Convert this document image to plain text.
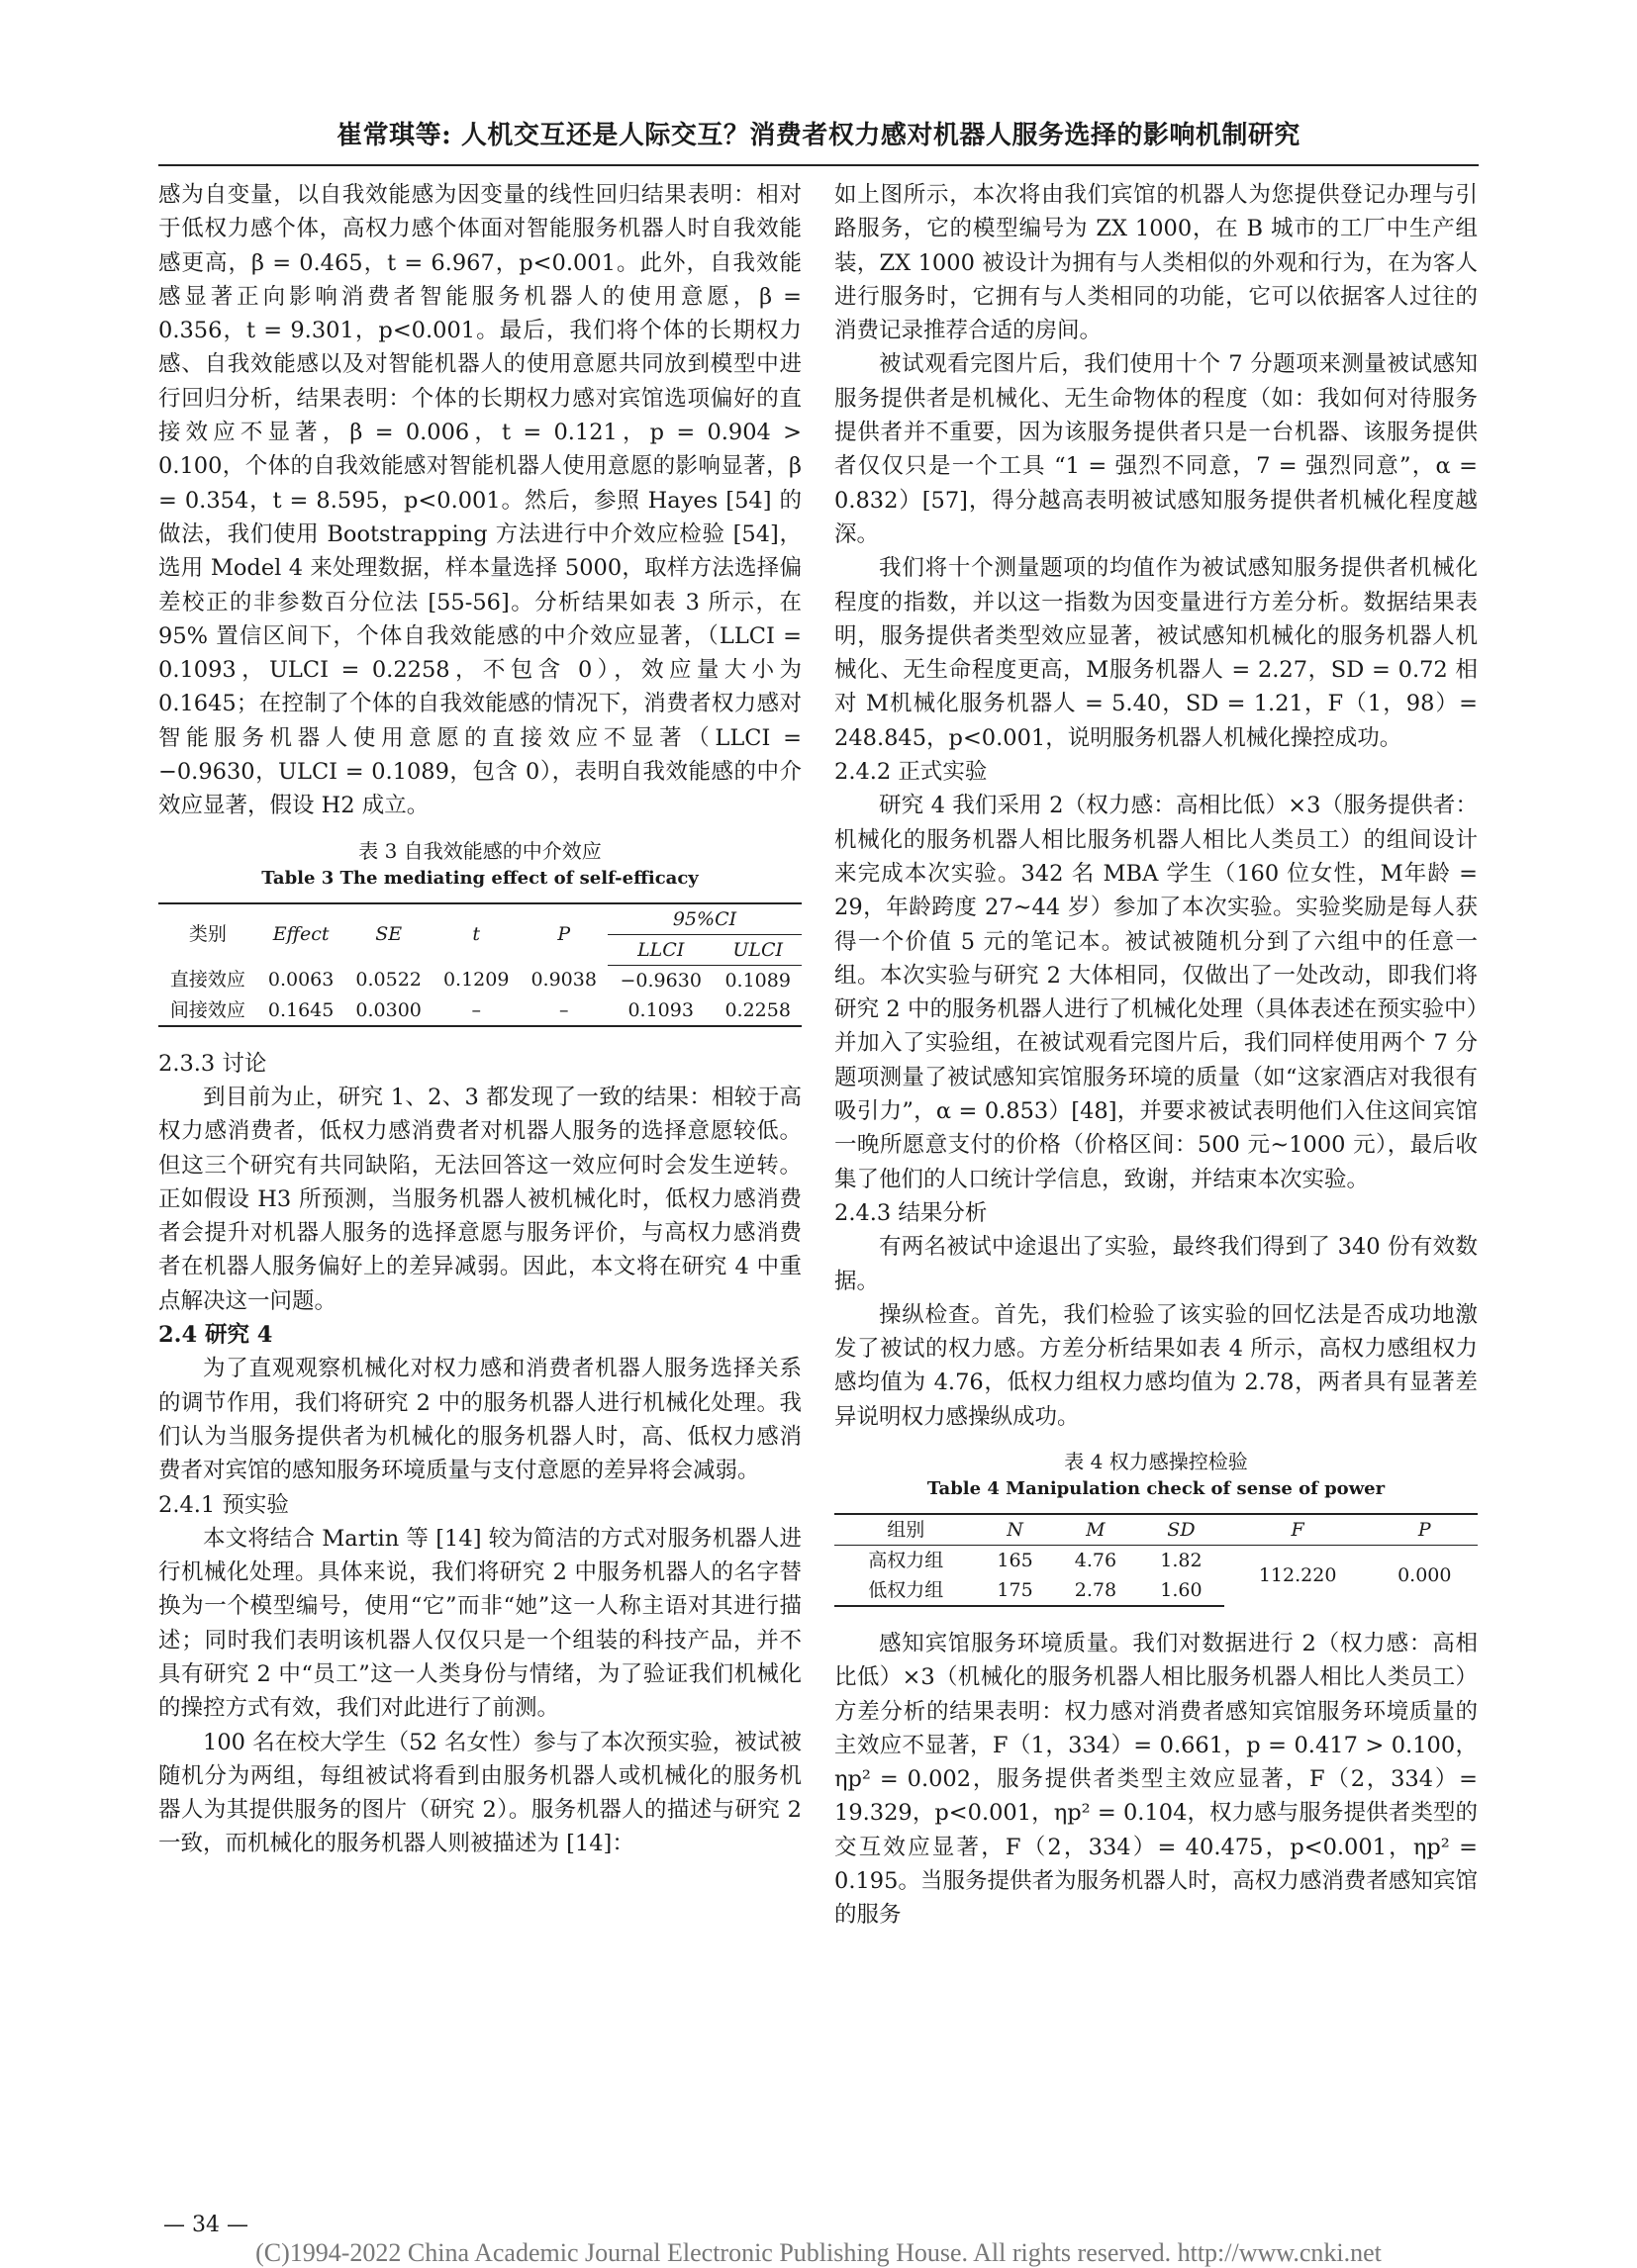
崔常琪等: 人机交互还是人际交互？消费者权力感对机器人服务选择的影响机制研究

感为自变量，以自我效能感为因变量的线性回归结果表明：相对于低权力感个体，高权力感个体面对智能服务机器人时自我效能感更高，β = 0.465，t = 6.967，p<0.001。此外，自我效能感显著正向影响消费者智能服务机器人的使用意愿，β = 0.356，t = 9.301，p<0.001。最后，我们将个体的长期权力感、自我效能感以及对智能机器人的使用意愿共同放到模型中进行回归分析，结果表明：个体的长期权力感对宾馆选项偏好的直接效应不显著，β = 0.006，t = 0.121，p = 0.904 > 0.100，个体的自我效能感对智能机器人使用意愿的影响显著，β = 0.354，t = 8.595，p<0.001。然后，参照 Hayes [54] 的做法，我们使用 Bootstrapping 方法进行中介效应检验 [54]，选用 Model 4 来处理数据，样本量选择 5000，取样方法选择偏差校正的非参数百分位法 [55-56]。分析结果如表 3 所示，在 95% 置信区间下，个体自我效能感的中介效应显著，（LLCI = 0.1093，ULCI = 0.2258，不包含 0），效应量大小为 0.1645；在控制了个体的自我效能感的情况下，消费者权力感对智能服务机器人使用意愿的直接效应不显著（LLCI = −0.9630，ULCI = 0.1089，包含 0），表明自我效能感的中介效应显著，假设 H2 成立。

表 3 自我效能感的中介效应
Table 3 The mediating effect of self-efficacy
类别	Effect	SE	t	P	95%CI	
					LLCI	ULCI
直接效应	0.0063	0.0522	0.1209	0.9038	−0.9630	0.1089
间接效应	0.1645	0.0300	–	–	0.1093	0.2258

2.3.3 讨论

到目前为止，研究 1、2、3 都发现了一致的结果：相较于高权力感消费者，低权力感消费者对机器人服务的选择意愿较低。但这三个研究有共同缺陷，无法回答这一效应何时会发生逆转。正如假设 H3 所预测，当服务机器人被机械化时，低权力感消费者会提升对机器人服务的选择意愿与服务评价，与高权力感消费者在机器人服务偏好上的差异减弱。因此，本文将在研究 4 中重点解决这一问题。

2.4 研究 4

为了直观观察机械化对权力感和消费者机器人服务选择关系的调节作用，我们将研究 2 中的服务机器人进行机械化处理。我们认为当服务提供者为机械化的服务机器人时，高、低权力感消费者对宾馆的感知服务环境质量与支付意愿的差异将会减弱。

2.4.1 预实验

本文将结合 Martin 等 [14] 较为简洁的方式对服务机器人进行机械化处理。具体来说，我们将研究 2 中服务机器人的名字替换为一个模型编号，使用“它”而非“她”这一人称主语对其进行描述；同时我们表明该机器人仅仅只是一个组装的科技产品，并不具有研究 2 中“员工”这一人类身份与情绪，为了验证我们机械化的操控方式有效，我们对此进行了前测。

100 名在校大学生（52 名女性）参与了本次预实验，被试被随机分为两组，每组被试将看到由服务机器人或机械化的服务机器人为其提供服务的图片（研究 2）。服务机器人的描述与研究 2 一致，而机械化的服务机器人则被描述为 [14]：

如上图所示，本次将由我们宾馆的机器人为您提供登记办理与引路服务，它的模型编号为 ZX 1000，在 B 城市的工厂中生产组装，ZX 1000 被设计为拥有与人类相似的外观和行为，在为客人进行服务时，它拥有与人类相同的功能，它可以依据客人过往的消费记录推荐合适的房间。

被试观看完图片后，我们使用十个 7 分题项来测量被试感知服务提供者是机械化、无生命物体的程度（如：我如何对待服务提供者并不重要，因为该服务提供者只是一台机器、该服务提供者仅仅只是一个工具 “1 = 强烈不同意，7 = 强烈同意”，α = 0.832）[57]，得分越高表明被试感知服务提供者机械化程度越深。

我们将十个测量题项的均值作为被试感知服务提供者机械化程度的指数，并以这一指数为因变量进行方差分析。数据结果表明，服务提供者类型效应显著，被试感知机械化的服务机器人机械化、无生命程度更高，M服务机器人 = 2.27，SD = 0.72 相对 M机械化服务机器人 = 5.40，SD = 1.21，F（1，98）= 248.845，p<0.001，说明服务机器人机械化操控成功。

2.4.2 正式实验

研究 4 我们采用 2（权力感：高相比低）×3（服务提供者：机械化的服务机器人相比服务机器人相比人类员工）的组间设计来完成本次实验。342 名 MBA 学生（160 位女性，M年龄 = 29，年龄跨度 27~44 岁）参加了本次实验。实验奖励是每人获得一个价值 5 元的笔记本。被试被随机分到了六组中的任意一组。本次实验与研究 2 大体相同，仅做出了一处改动，即我们将研究 2 中的服务机器人进行了机械化处理（具体表述在预实验中）并加入了实验组，在被试观看完图片后，我们同样使用两个 7 分题项测量了被试感知宾馆服务环境的质量（如“这家酒店对我很有吸引力”，α = 0.853）[48]，并要求被试表明他们入住这间宾馆一晚所愿意支付的价格（价格区间：500 元~1000 元），最后收集了他们的人口统计学信息，致谢，并结束本次实验。

2.4.3 结果分析

有两名被试中途退出了实验，最终我们得到了 340 份有效数据。

操纵检查。首先，我们检验了该实验的回忆法是否成功地激发了被试的权力感。方差分析结果如表 4 所示，高权力感组权力感均值为 4.76，低权力组权力感均值为 2.78，两者具有显著差异说明权力感操纵成功。

表 4 权力感操控检验
Table 4 Manipulation check of sense of power
组别	N	M	SD	F	P
高权力组	165	4.76	1.82	112.220	0.000
低权力组	175	2.78	1.60		

感知宾馆服务环境质量。我们对数据进行 2（权力感：高相比低）×3（机械化的服务机器人相比服务机器人相比人类员工）方差分析的结果表明：权力感对消费者感知宾馆服务环境质量的主效应不显著，F（1，334）= 0.661，p = 0.417 > 0.100，ηp² = 0.002，服务提供者类型主效应显著，F（2，334）= 19.329，p<0.001，ηp² = 0.104，权力感与服务提供者类型的交互效应显著，F（2，334）= 40.475，p<0.001，ηp² = 0.195。当服务提供者为服务机器人时，高权力感消费者感知宾馆的服务

— 34 —
(C)1994-2022 China Academic Journal Electronic Publishing House. All rights reserved. http://www.cnki.net
